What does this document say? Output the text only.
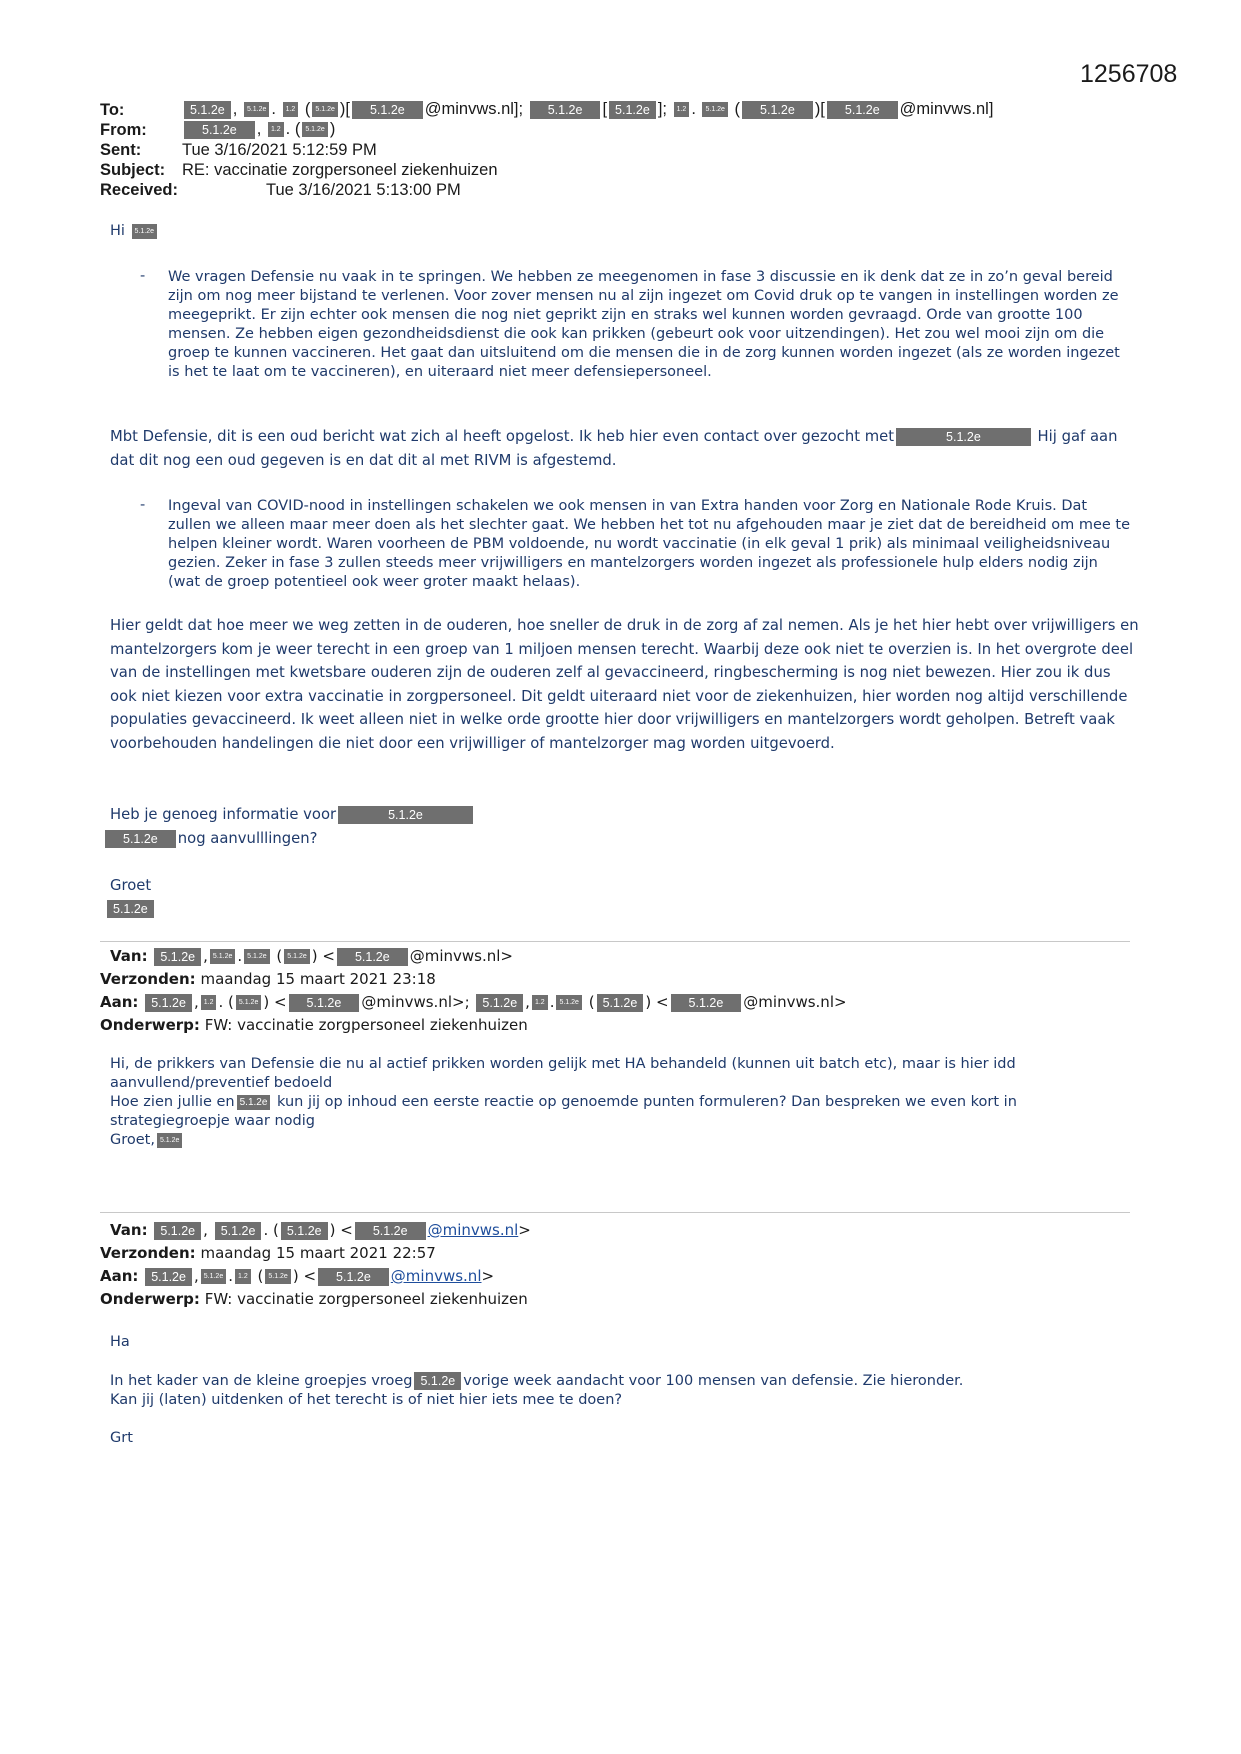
1256708
To:	5.1.2e , 5.1.2e . 1.2 ( 5.1.2e )[ 5.1.2e @minvws.nl]; 5.1.2e [ 5.1.2e ]; 1.2 . 5.1.2e ( 5.1.2e )[ 5.1.2e @minvws.nl]
From:	5.1.2e , 1.2 . ( 5.1.2e )
Sent: Tue 3/16/2021 5:12:59 PM
Subject: RE: vaccinatie zorgpersoneel ziekenhuizen
Received:	Tue 3/16/2021 5:13:00 PM
Hi 5.1.2e
- We vragen Defensie nu vaak in te springen. We hebben ze meegenomen in fase 3 discussie en ik denk dat ze in zo’n geval bereid zijn om nog meer bijstand te verlenen. Voor zover mensen nu al zijn ingezet om Covid druk op te vangen in instellingen worden ze meegeprikt. Er zijn echter ook mensen die nog niet geprikt zijn en straks wel kunnen worden gevraagd. Orde van grootte 100 mensen. Ze hebben eigen gezondheidsdienst die ook kan prikken (gebeurt ook voor uitzendingen). Het zou wel mooi zijn om die groep te kunnen vaccineren. Het gaat dan uitsluitend om die mensen die in de zorg kunnen worden ingezet (als ze worden ingezet is het te laat om te vaccineren), en uiteraard niet meer defensiepersoneel.
Mbt Defensie, dit is een oud bericht wat zich al heeft opgelost. Ik heb hier even contact over gezocht met	5.1.2e	Hij gaf aan dat dit nog een oud gegeven is en dat dit al met RIVM is afgestemd.
- Ingeval van COVID-nood in instellingen schakelen we ook mensen in van Extra handen voor Zorg en Nationale Rode Kruis. Dat zullen we alleen maar meer doen als het slechter gaat. We hebben het tot nu afgehouden maar je ziet dat de bereidheid om mee te helpen kleiner wordt. Waren voorheen de PBM voldoende, nu wordt vaccinatie (in elk geval 1 prik) als minimaal veiligheidsniveau gezien. Zeker in fase 3 zullen steeds meer vrijwilligers en mantelzorgers worden ingezet als professionele hulp elders nodig zijn (wat de groep potentieel ook weer groter maakt helaas).
Hier geldt dat hoe meer we weg zetten in de ouderen, hoe sneller de druk in de zorg af zal nemen. Als je het hier hebt over vrijwilligers en mantelzorgers kom je weer terecht in een groep van 1 miljoen mensen terecht. Waarbij deze ook niet te overzien is. In het overgrote deel van de instellingen met kwetsbare ouderen zijn de ouderen zelf al gevaccineerd, ringbescherming is nog niet bewezen. Hier zou ik dus ook niet kiezen voor extra vaccinatie in zorgpersoneel. Dit geldt uiteraard niet voor de ziekenhuizen, hier worden nog altijd verschillende populaties gevaccineerd. Ik weet alleen niet in welke orde grootte hier door vrijwilligers en mantelzorgers wordt geholpen. Betreft vaak voorbehouden handelingen die niet door een vrijwilliger of mantelzorger mag worden uitgevoerd.
Heb je genoeg informatie voor	5.1.2e
5.1.2e nog aanvulllingen?
Groet
5.1.2e
Van: 5.1.2e , 5.1.2e . 5.1.2e ( 5.1.2e ) < 5.1.2e @minvws.nl>
Verzonden: maandag 15 maart 2021 23:18
Aan: 5.1.2e , 1.2 . ( 5.1.2e ) < 5.1.2e @minvws.nl>; 5.1.2e , 1.2 . 5.1.2e ( 5.1.2e ) < 5.1.2e @minvws.nl>
Onderwerp: FW: vaccinatie zorgpersoneel ziekenhuizen
Hi, de prikkers van Defensie die nu al actief prikken worden gelijk met HA behandeld (kunnen uit batch etc), maar is hier idd aanvullend/preventief bedoeld
Hoe zien jullie en 5.1.2e kun jij op inhoud een eerste reactie op genoemde punten formuleren? Dan bespreken we even kort in strategiegroepje waar nodig
Groet, 5.1.2e
Van: 5.1.2e , 5.1.2e . ( 5.1.2e ) < 5.1.2e @minvws.nl>
Verzonden: maandag 15 maart 2021 22:57
Aan: 5.1.2e , 5.1.2e . 1.2 ( 5.1.2e ) < 5.1.2e @minvws.nl>
Onderwerp: FW: vaccinatie zorgpersoneel ziekenhuizen
Ha
In het kader van de kleine groepjes vroeg 5.1.2e vorige week aandacht voor 100 mensen van defensie. Zie hieronder.
Kan jij (laten) uitdenken of het terecht is of niet hier iets mee te doen?
Grt
